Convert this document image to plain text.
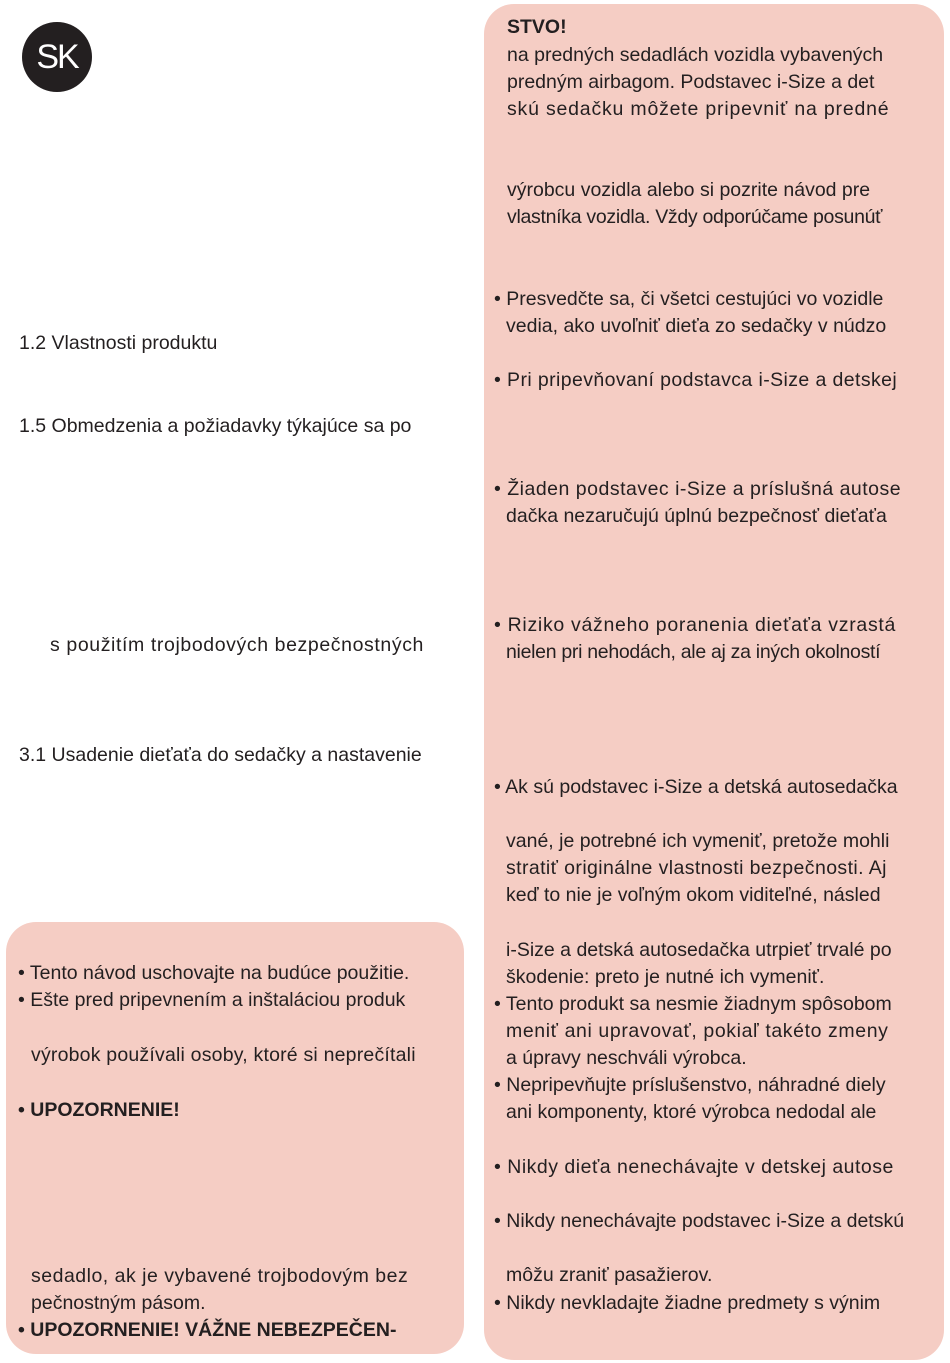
SK

1.2 Vlastnosti produktu

1.5 Obmedzenia a požiadavky týkajúce sa po

s použitím trojbodových bezpečnostných

3.1 Usadenie dieťaťa do sedačky a nastavenie

STVO!

na predných sedadlách vozidla vybavených

predným airbagom. Podstavec i-Size a det

skú sedačku môžete pripevniť na predné

výrobcu vozidla alebo si pozrite návod pre

vlastníka vozidla. Vždy odporúčame posunúť

• Presvedčte sa, či všetci cestujúci vo vozidle

vedia, ako uvoľniť dieťa zo sedačky v núdzo

• Pri pripevňovaní podstavca i-Size a detskej

• Žiaden podstavec i-Size a príslušná autose

dačka nezaručujú úplnú bezpečnosť dieťaťa

• Riziko vážneho poranenia dieťaťa vzrastá

nielen pri nehodách, ale aj za iných okolností

• Ak sú podstavec i-Size a detská autosedačka

vané, je potrebné ich vymeniť, pretože mohli

stratiť originálne vlastnosti bezpečnosti. Aj

keď to nie je voľným okom viditeľné, násled

i-Size a detská autosedačka utrpieť trvalé po

škodenie: preto je nutné ich vymeniť.

• Tento produkt sa nesmie žiadnym spôsobom

meniť ani upravovať, pokiaľ takéto zmeny

a úpravy neschváli výrobca.

• Nepripevňujte príslušenstvo, náhradné diely

ani komponenty, ktoré výrobca nedodal ale

• Nikdy dieťa nenechávajte v detskej autose

• Nikdy nenechávajte podstavec i-Size a detskú

môžu zraniť pasažierov.

• Nikdy nevkladajte žiadne predmety s výnim

• Tento návod uschovajte na budúce použitie.

• Ešte pred pripevnením a inštaláciou produk

výrobok používali osoby, ktoré si neprečítali

• UPOZORNENIE!

sedadlo, ak je vybavené trojbodovým bez

pečnostným pásom.

• UPOZORNENIE! VÁŽNE NEBEZPEČEN-
